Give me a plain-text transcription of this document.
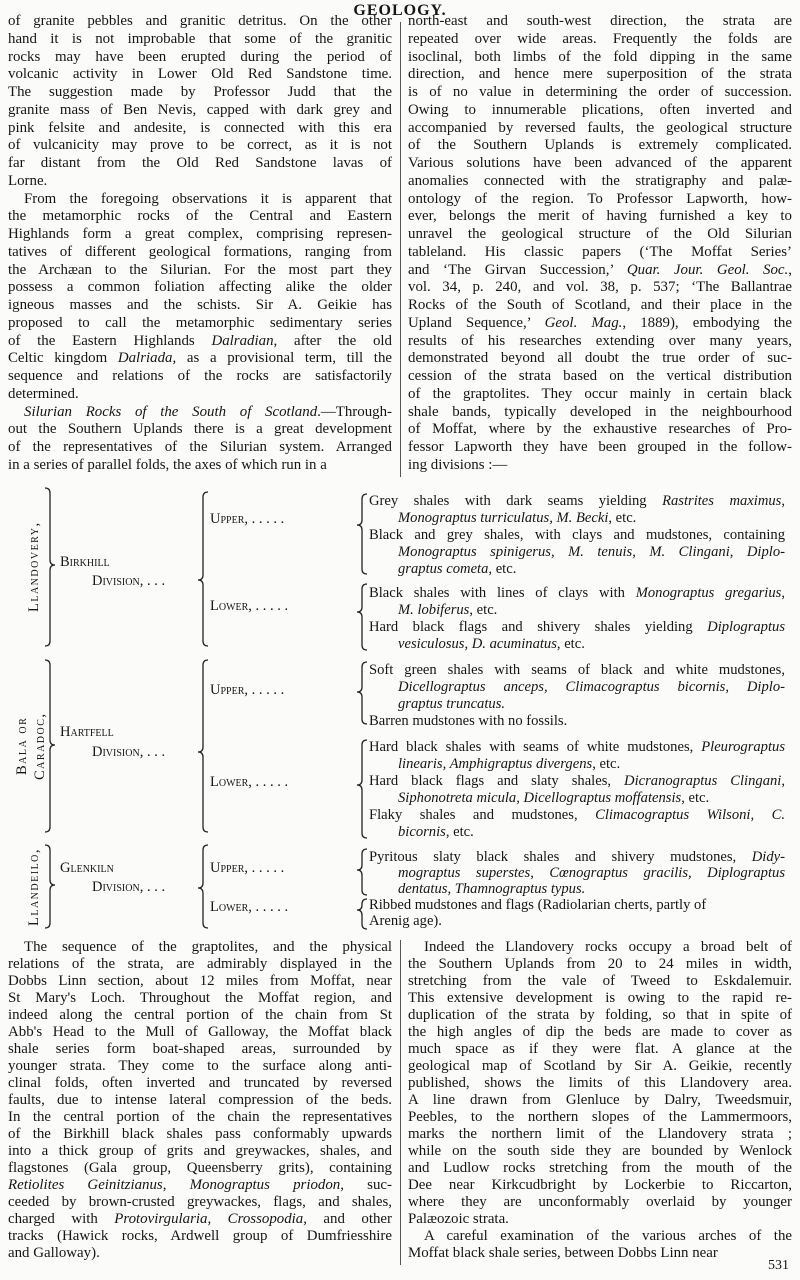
GEOLOGY.
of granite pebbles and granitic detritus. On the other
hand it is not improbable that some of the granitic
rocks may have been erupted during the period of
volcanic activity in Lower Old Red Sandstone time.
The suggestion made by Professor Judd that the
granite mass of Ben Nevis, capped with dark grey and
pink felsite and andesite, is connected with this era
of vulcanicity may prove to be correct, as it is not
far distant from the Old Red Sandstone lavas of
Lorne.
From the foregoing observations it is apparent that
the metamorphic rocks of the Central and Eastern
Highlands form a great complex, comprising represen-
tatives of different geological formations, ranging from
the Archæan to the Silurian. For the most part they
possess a common foliation affecting alike the older
igneous masses and the schists. Sir A. Geikie has
proposed to call the metamorphic sedimentary series
of the Eastern Highlands Dalradian, after the old
Celtic kingdom Dalriada, as a provisional term, till the
sequence and relations of the rocks are satisfactorily
determined.
Silurian Rocks of the South of Scotland.—Through-
out the Southern Uplands there is a great development
of the representatives of the Silurian system. Arranged
in a series of parallel folds, the axes of which run in a
north-east and south-west direction, the strata are
repeated over wide areas. Frequently the folds are
isoclinal, both limbs of the fold dipping in the same
direction, and hence mere superposition of the strata
is of no value in determining the order of succession.
Owing to innumerable plications, often inverted and
accompanied by reversed faults, the geological structure
of the Southern Uplands is extremely complicated.
Various solutions have been advanced of the apparent
anomalies connected with the stratigraphy and palæ-
ontology of the region. To Professor Lapworth, how-
ever, belongs the merit of having furnished a key to
unravel the geological structure of the Old Silurian
tableland. His classic papers (‘The Moffat Series’
and ‘The Girvan Succession,’ Quar. Jour. Geol. Soc.,
vol. 34, p. 240, and vol. 38, p. 537; ‘The Ballantrae
Rocks of the South of Scotland, and their place in the
Upland Sequence,’ Geol. Mag., 1889), embodying the
results of his researches extending over many years,
demonstrated beyond all doubt the true order of suc-
cession of the strata based on the vertical distribution
of the graptolites. They occur mainly in certain black
shale bands, typically developed in the neighbourhood
of Moffat, where by the exhaustive researches of Pro-
fessor Lapworth they have been grouped in the follow-
ing divisions :—
Llandovery, Birkhill
Division, . . .
Upper, . . . . .
Grey shales with dark seams yielding Rastrites maximus,
Monograptus turriculatus, M. Becki, etc.
Black and grey shales, with clays and mudstones, containing
Monograptus spinigerus, M. tenuis, M. Clingani, Diplo-
graptus cometa, etc.
Lower, . . . . .
Black shales with lines of clays with Monograptus gregarius,
M. lobiferus, etc.
Hard black flags and shivery shales yielding Diplograptus
vesiculosus, D. acuminatus, etc.
Bala or Caradoc, Hartfell
Division, . . .
Upper, . . . . .
Soft green shales with seams of black and white mudstones,
Dicellograptus anceps, Climacograptus bicornis, Diplo-
graptus truncatus.
Barren mudstones with no fossils.
Lower, . . . . .
Hard black shales with seams of white mudstones, Pleurograptus
linearis, Amphigraptus divergens, etc.
Hard black flags and slaty shales, Dicranograptus Clingani,
Siphonotreta micula, Dicellograptus moffatensis, etc.
Flaky shales and mudstones, Climacograptus Wilsoni, C.
bicornis, etc.
Llandeilo, Glenkiln
Division, . . .
Upper, . . . . .
Pyritous slaty black shales and shivery mudstones, Didy-
mograptus superstes, Cœnograptus gracilis, Diplograptus
dentatus, Thamnograptus typus.
Lower, . . . . .	Ribbed mudstones and flags (Radiolarian cherts, partly of
Arenig age).
The sequence of the graptolites, and the physical
relations of the strata, are admirably displayed in the
Dobbs Linn section, about 12 miles from Moffat, near
St Mary's Loch. Throughout the Moffat region, and
indeed along the central portion of the chain from St
Abb's Head to the Mull of Galloway, the Moffat black
shale series form boat-shaped areas, surrounded by
younger strata. They come to the surface along anti-
clinal folds, often inverted and truncated by reversed
faults, due to intense lateral compression of the beds.
In the central portion of the chain the representatives
of the Birkhill black shales pass conformably upwards
into a thick group of grits and greywackes, shales, and
flagstones (Gala group, Queensberry grits), containing
Retiolites Geinitzianus, Monograptus priodon, suc-
ceeded by brown-crusted greywackes, flags, and shales,
charged with Protovirgularia, Crossopodia, and other
tracks (Hawick rocks, Ardwell group of Dumfriesshire
and Galloway).
Indeed the Llandovery rocks occupy a broad belt of
the Southern Uplands from 20 to 24 miles in width,
stretching from the vale of Tweed to Eskdalemuir.
This extensive development is owing to the rapid re-
duplication of the strata by folding, so that in spite of
the high angles of dip the beds are made to cover as
much space as if they were flat. A glance at the
geological map of Scotland by Sir A. Geikie, recently
published, shows the limits of this Llandovery area.
A line drawn from Glenluce by Dalry, Tweedsmuir,
Peebles, to the northern slopes of the Lammermoors,
marks the northern limit of the Llandovery strata ;
while on the south side they are bounded by Wenlock
and Ludlow rocks stretching from the mouth of the
Dee near Kirkcudbright by Lockerbie to Riccarton,
where they are unconformably overlaid by younger
Palæozoic strata.
A careful examination of the various arches of the
Moffat black shale series, between Dobbs Linn near
531
